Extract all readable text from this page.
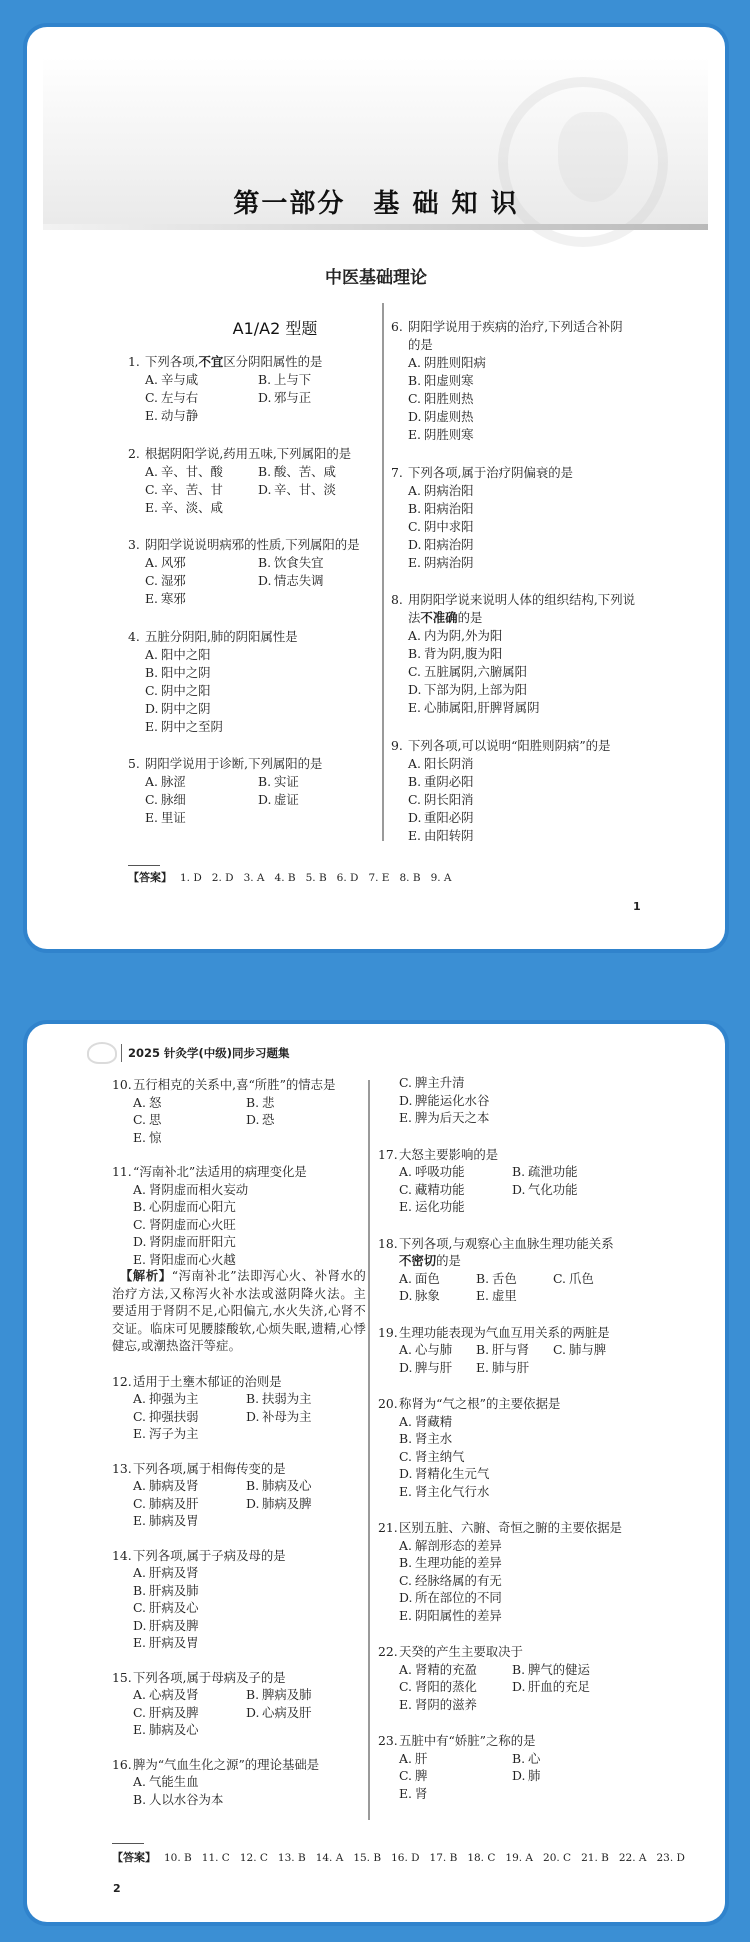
第一部分　基 础 知 识
中医基础理论
A1/A2 型题
1. 下列各项,不宜区分阴阳属性的是
A. 辛与咸	B. 上与下
C. 左与右	D. 邪与正
E. 动与静
2. 根据阴阳学说,药用五味,下列属阳的是
A. 辛、甘、酸	B. 酸、苦、咸
C. 辛、苦、甘	D. 辛、甘、淡
E. 辛、淡、咸
3. 阴阳学说说明病邪的性质,下列属阳的是
A. 风邪	B. 饮食失宜
C. 湿邪	D. 情志失调
E. 寒邪
4. 五脏分阴阳,肺的阴阳属性是
A. 阳中之阳
B. 阳中之阴
C. 阴中之阳
D. 阴中之阴
E. 阴中之至阴
5. 阴阳学说用于诊断,下列属阳的是
A. 脉涩	B. 实证
C. 脉细	D. 虚证
E. 里证
6. 阴阳学说用于疾病的治疗,下列适合补阴
的是
A. 阴胜则阳病
B. 阳虚则寒
C. 阳胜则热
D. 阴虚则热
E. 阴胜则寒
7. 下列各项,属于治疗阴偏衰的是
A. 阴病治阳
B. 阳病治阳
C. 阴中求阳
D. 阳病治阴
E. 阴病治阴
8. 用阴阳学说来说明人体的组织结构,下列说
法不准确的是
A. 内为阴,外为阳
B. 背为阴,腹为阳
C. 五脏属阴,六腑属阳
D. 下部为阴,上部为阳
E. 心肺属阳,肝脾肾属阴
9. 下列各项,可以说明“阳胜则阴病”的是
A. 阳长阴消
B. 重阴必阳
C. 阴长阳消
D. 重阳必阴
E. 由阳转阴
【答案】 1. D 2. D 3. A 4. B 5. B 6. D 7. E 8. B 9. A
1
2025 针灸学(中级)同步习题集
10. 五行相克的关系中,喜“所胜”的情志是
A. 怒	B. 悲
C. 思	D. 恐
E. 惊
11. “泻南补北”法适用的病理变化是
A. 肾阴虚而相火妄动
B. 心阴虚而心阳亢
C. 肾阴虚而心火旺
D. 肾阴虚而肝阳亢
E. 肾阳虚而心火越
【解析】“泻南补北”法即泻心火、补肾水的治疗方法,又称泻火补水法或滋阴降火法。主要适用于肾阴不足,心阳偏亢,水火失济,心肾不交证。临床可见腰膝酸软,心烦失眠,遗精,心悸健忘,或潮热盗汗等症。
12. 适用于土壅木郁证的治则是
A. 抑强为主	B. 扶弱为主
C. 抑强扶弱	D. 补母为主
E. 泻子为主
13. 下列各项,属于相侮传变的是
A. 肺病及肾	B. 肺病及心
C. 肺病及肝	D. 肺病及脾
E. 肺病及胃
14. 下列各项,属于子病及母的是
A. 肝病及肾
B. 肝病及肺
C. 肝病及心
D. 肝病及脾
E. 肝病及胃
15. 下列各项,属于母病及子的是
A. 心病及肾	B. 脾病及肺
C. 肝病及脾	D. 心病及肝
E. 肺病及心
16. 脾为“气血生化之源”的理论基础是
A. 气能生血
B. 人以水谷为本
C. 脾主升清
D. 脾能运化水谷
E. 脾为后天之本
17. 大怒主要影响的是
A. 呼吸功能	B. 疏泄功能
C. 藏精功能	D. 气化功能
E. 运化功能
18. 下列各项,与观察心主血脉生理功能关系
不密切的是
A. 面色	B. 舌色	C. 爪色
D. 脉象	E. 虚里
19. 生理功能表现为气血互用关系的两脏是
A. 心与肺	B. 肝与肾	C. 肺与脾
D. 脾与肝	E. 肺与肝
20. 称肾为“气之根”的主要依据是
A. 肾藏精
B. 肾主水
C. 肾主纳气
D. 肾精化生元气
E. 肾主化气行水
21. 区别五脏、六腑、奇恒之腑的主要依据是
A. 解剖形态的差异
B. 生理功能的差异
C. 经脉络属的有无
D. 所在部位的不同
E. 阴阳属性的差异
22. 天癸的产生主要取决于
A. 肾精的充盈	B. 脾气的健运
C. 肾阳的蒸化	D. 肝血的充足
E. 肾阴的滋养
23. 五脏中有“娇脏”之称的是
A. 肝	B. 心
C. 脾	D. 肺
E. 肾
【答案】 10. B 11. C 12. C 13. B 14. A 15. B 16. D 17. B 18. C 19. A 20. C 21. B 22. A 23. D
2
